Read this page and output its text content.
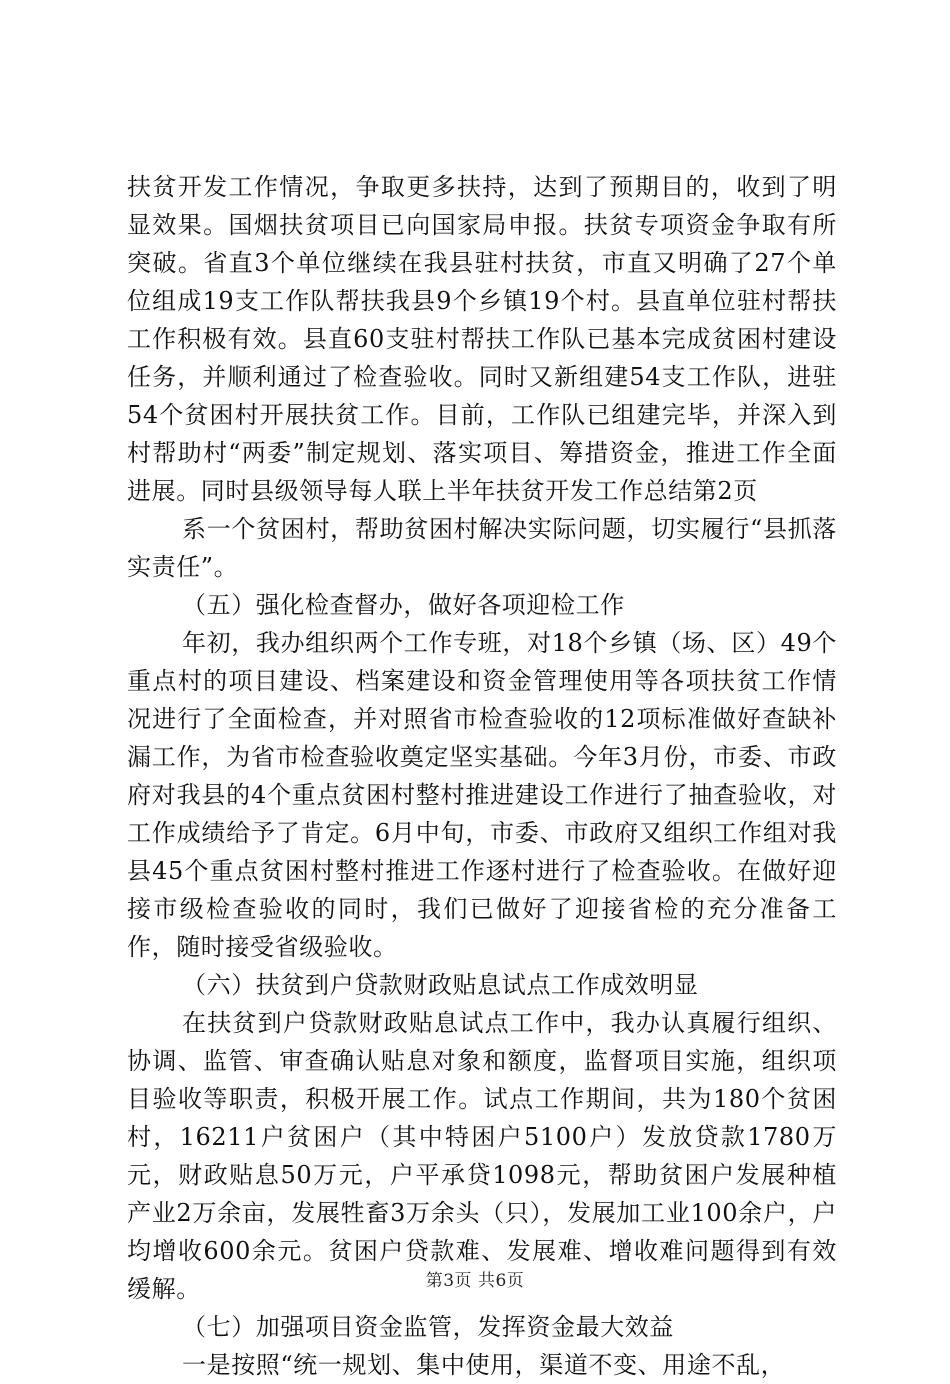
扶贫开发工作情况，争取更多扶持，达到了预期目的，收到了明显效果。国烟扶贫项目已向国家局申报。扶贫专项资金争取有所突破。省直3个单位继续在我县驻村扶贫，市直又明确了27个单位组成19支工作队帮扶我县9个乡镇19个村。县直单位驻村帮扶工作积极有效。县直60支驻村帮扶工作队已基本完成贫困村建设任务，并顺利通过了检查验收。同时又新组建54支工作队，进驻54个贫困村开展扶贫工作。目前，工作队已组建完毕，并深入到村帮助村“两委”制定规划、落实项目、筹措资金，推进工作全面进展。同时县级领导每人联上半年扶贫开发工作总结第2页

系一个贫困村，帮助贫困村解决实际问题，切实履行“县抓落实责任”。

（五）强化检查督办，做好各项迎检工作

年初，我办组织两个工作专班，对18个乡镇（场、区）49个重点村的项目建设、档案建设和资金管理使用等各项扶贫工作情况进行了全面检查，并对照省市检查验收的12项标准做好查缺补漏工作，为省市检查验收奠定坚实基础。今年3月份，市委、市政府对我县的4个重点贫困村整村推进建设工作进行了抽查验收，对工作成绩给予了肯定。6月中旬，市委、市政府又组织工作组对我县45个重点贫困村整村推进工作逐村进行了检查验收。在做好迎接市级检查验收的同时，我们已做好了迎接省检的充分准备工作，随时接受省级验收。

（六）扶贫到户贷款财政贴息试点工作成效明显

在扶贫到户贷款财政贴息试点工作中，我办认真履行组织、协调、监管、审查确认贴息对象和额度，监督项目实施，组织项目验收等职责，积极开展工作。试点工作期间，共为180个贫困村，16211户贫困户（其中特困户5100户）发放贷款1780万元，财政贴息50万元，户平承贷1098元，帮助贫困户发展种植产业2万余亩，发展牲畜3万余头（只），发展加工业100余户，户均增收600余元。贫困户贷款难、发展难、增收难问题得到有效缓解。

（七）加强项目资金监管，发挥资金最大效益

一是按照“统一规划、集中使用，渠道不变、用途不乱，

第3页 共6页
